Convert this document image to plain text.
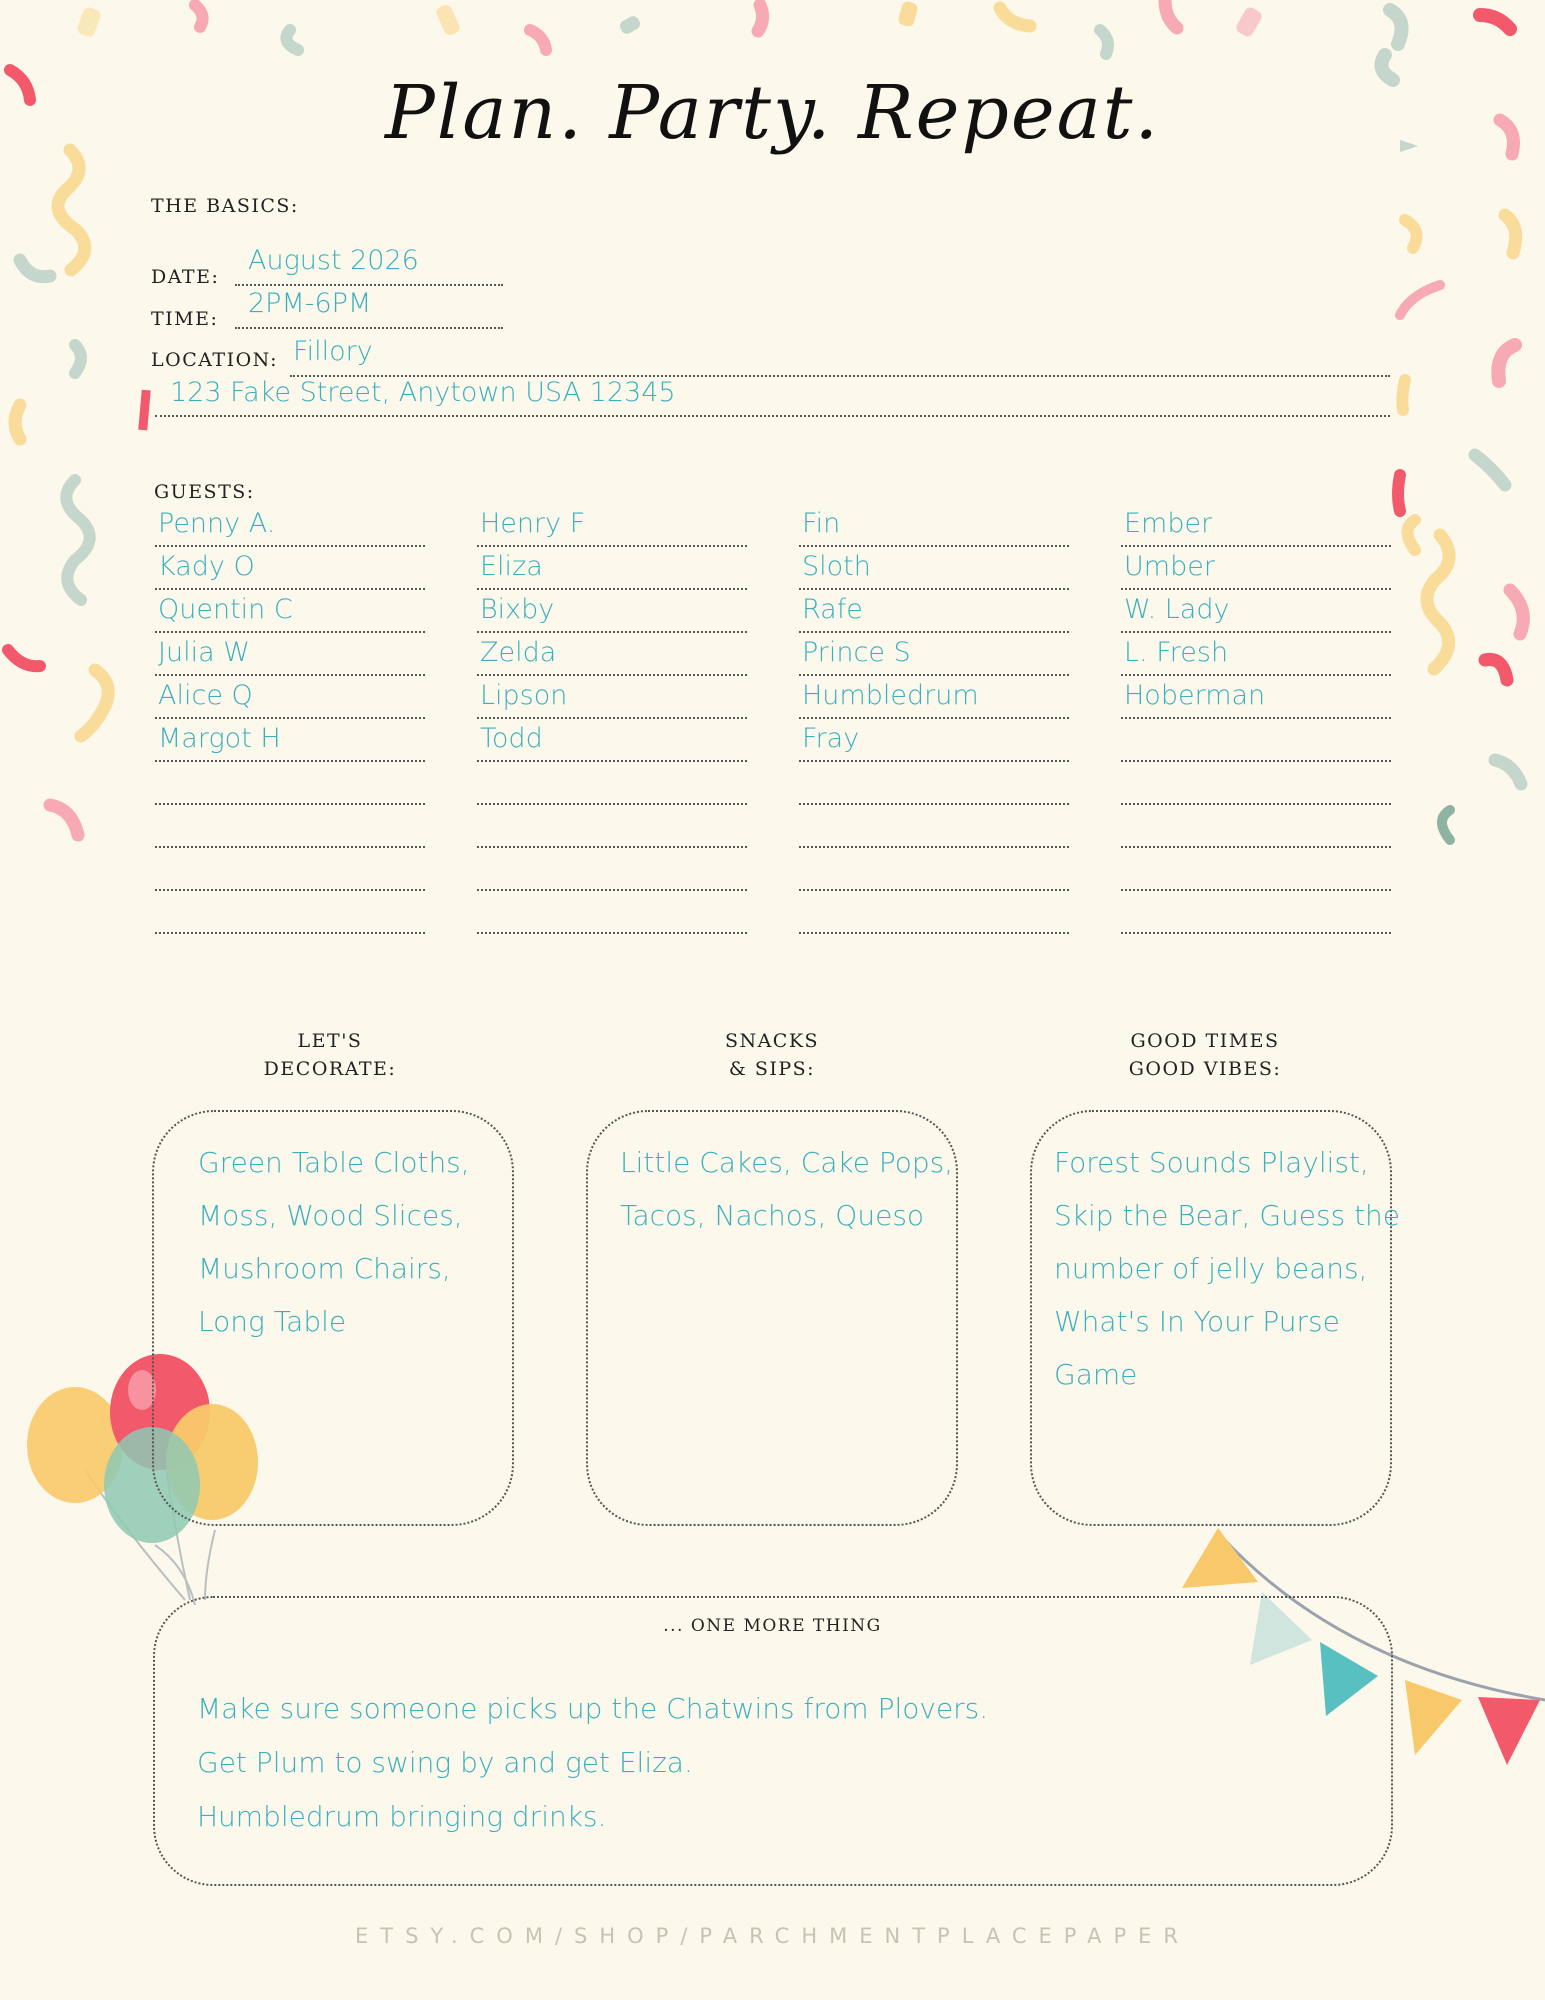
Plan. Party. Repeat.
THE BASICS:
DATE:
August 2026
TIME: 2PM-6PM
LOCATION: Fillory
123 Fake Street, Anytown USA 12345
GUESTS:
Penny A.
Kady O
Quentin C
Julia W
Alice Q
Margot H
Henry F
Eliza
Bixby
Zelda
Lipson
Todd
Fin
Sloth
Rafe
Prince S
Humbledrum
Fray
Ember
Umber
W. Lady
L. Fresh
Hoberman
LET'S
DECORATE:
SNACKS
& SIPS:
GOOD TIMES
GOOD VIBES:
Green Table Cloths,
Moss, Wood Slices,
Mushroom Chairs,
Long Table
Little Cakes, Cake Pops,
Tacos, Nachos, Queso
Forest Sounds Playlist,
Skip the Bear, Guess the
number of jelly beans,
What's In Your Purse
Game
... ONE MORE THING
Make sure someone picks up the Chatwins from Plovers.
Get Plum to swing by and get Eliza.
Humbledrum bringing drinks.
ETSY.COM/SHOP/PARCHMENTPLACEPAPER
